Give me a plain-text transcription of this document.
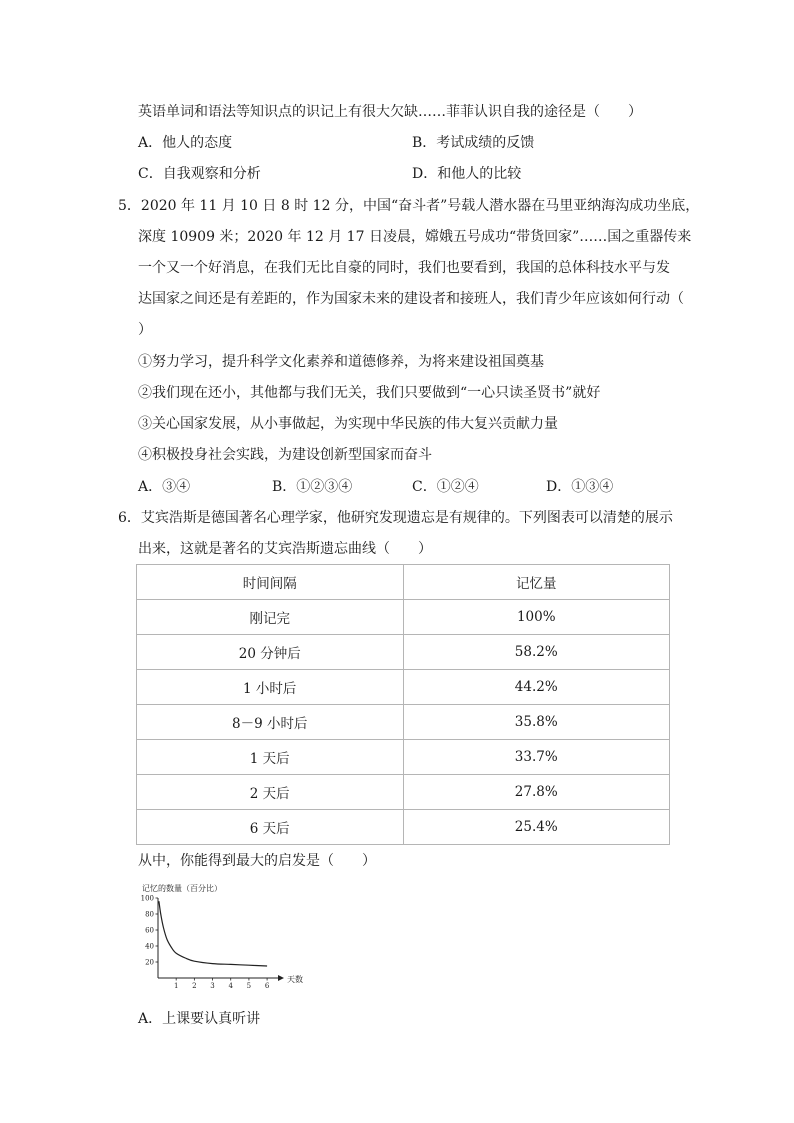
英语单词和语法等知识点的识记上有很大欠缺……菲菲认识自我的途径是（　　）
A．他人的态度	B．考试成绩的反馈
C．自我观察和分析	D．和他人的比较
5．2020 年 11 月 10 日 8 时 12 分，中国“奋斗者”号载人潜水器在马里亚纳海沟成功坐底，
深度 10909 米；2020 年 12 月 17 日凌晨，嫦娥五号成功“带货回家”……国之重器传来
一个又一个好消息，在我们无比自豪的同时，我们也要看到，我国的总体科技水平与发
达国家之间还是有差距的，作为国家未来的建设者和接班人，我们青少年应该如何行动（
）
①努力学习，提升科学文化素养和道德修养，为将来建设祖国奠基
②我们现在还小，其他都与我们无关，我们只要做到“一心只读圣贤书”就好
③关心国家发展，从小事做起，为实现中华民族的伟大复兴贡献力量
④积极投身社会实践，为建设创新型国家而奋斗
A．③④	B．①②③④	C．①②④	D．①③④
6．艾宾浩斯是德国著名心理学家，他研究发现遗忘是有规律的。下列图表可以清楚的展示
出来，这就是著名的艾宾浩斯遗忘曲线（　　）
时间间隔	记忆量
刚记完	100%
20 分钟后	58.2%
1 小时后	44.2%
8－9 小时后	35.8%
1 天后	33.7%
2 天后	27.8%
6 天后	25.4%
从中，你能得到最大的启发是（　　）
记忆的数量（百分比）
天数
1 2 3 4 5 6
20
40
60
80
100
A．上课要认真听讲
